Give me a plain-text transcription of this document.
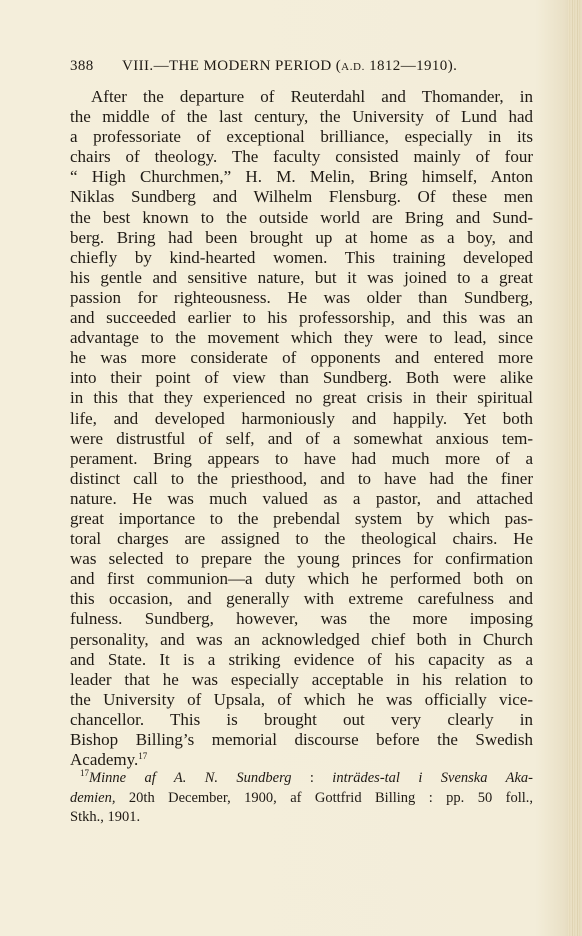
388 VIII.—THE MODERN PERIOD (A.D. 1812—1910).
After the departure of Reuterdahl and Thomander, in
the middle of the last century, the University of Lund had
a professoriate of exceptional brilliance, especially in its
chairs of theology. The faculty consisted mainly of four
“ High Churchmen,” H. M. Melin, Bring himself, Anton
Niklas Sundberg and Wilhelm Flensburg. Of these men
the best known to the outside world are Bring and Sund-
berg. Bring had been brought up at home as a boy, and
chiefly by kind-hearted women. This training developed
his gentle and sensitive nature, but it was joined to a great
passion for righteousness. He was older than Sundberg,
and succeeded earlier to his professorship, and this was an
advantage to the movement which they were to lead, since
he was more considerate of opponents and entered more
into their point of view than Sundberg. Both were alike
in this that they experienced no great crisis in their spiritual
life, and developed harmoniously and happily. Yet both
were distrustful of self, and of a somewhat anxious tem-
perament. Bring appears to have had much more of a
distinct call to the priesthood, and to have had the finer
nature. He was much valued as a pastor, and attached
great importance to the prebendal system by which pas-
toral charges are assigned to the theological chairs. He
was selected to prepare the young princes for confirmation
and first communion—a duty which he performed both on
this occasion, and generally with extreme carefulness and
fulness. Sundberg, however, was the more imposing
personality, and was an acknowledged chief both in Church
and State. It is a striking evidence of his capacity as a
leader that he was especially acceptable in his relation to
the University of Upsala, of which he was officially vice-
chancellor. This is brought out very clearly in
Bishop Billing’s memorial discourse before the Swedish
Academy.$^{17}$
$^{17}$Minne af A. N. Sundberg : inträdes-tal i Svenska Aka-
demien, 20th December, 1900, af Gottfrid Billing : pp. 50 foll.,
Stkh., 1901.
